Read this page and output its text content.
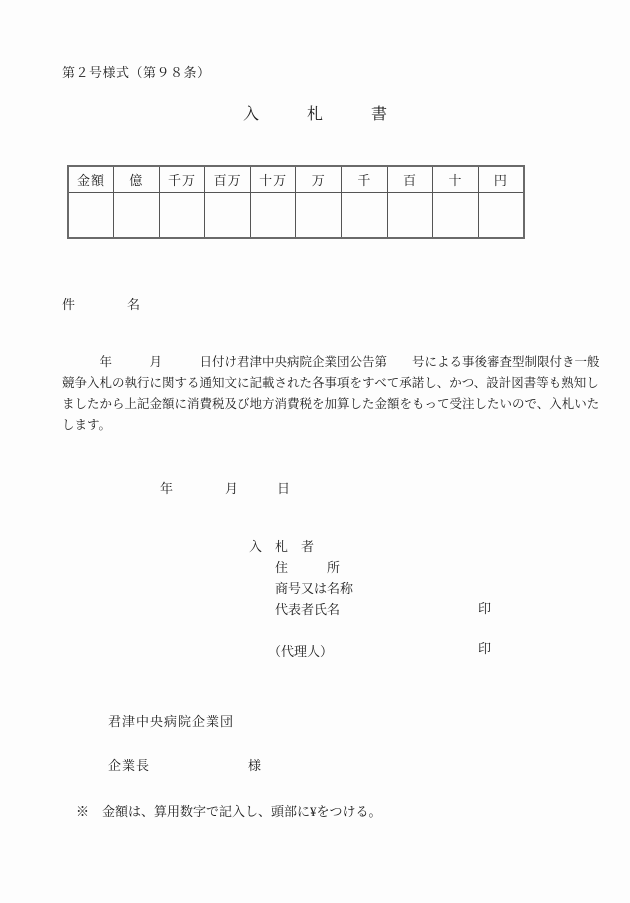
第２号様式（第９８条）
入　　　札　　　書
金額	億	千万	百万	十万	万	千	百	十	円

件　　　　名
　　　年　　　月　　　日付け君津中央病院企業団公告第　　号による事後審査型制限付き一般
競争入札の執行に関する通知文に記載された各事項をすべて承諾し、かつ、設計図書等も熟知し
ましたから上記金額に消費税及び地方消費税を加算した金額をもって受注したいので、入札いた
します。
年　　　　月　　　日
入　札　者
住　　　所
商号又は名称
代表者氏名
（代理人）
印
印
君津中央病院企業団
企業長　　　　　　　様
※　金額は、算用数字で記入し、頭部に¥をつける。
